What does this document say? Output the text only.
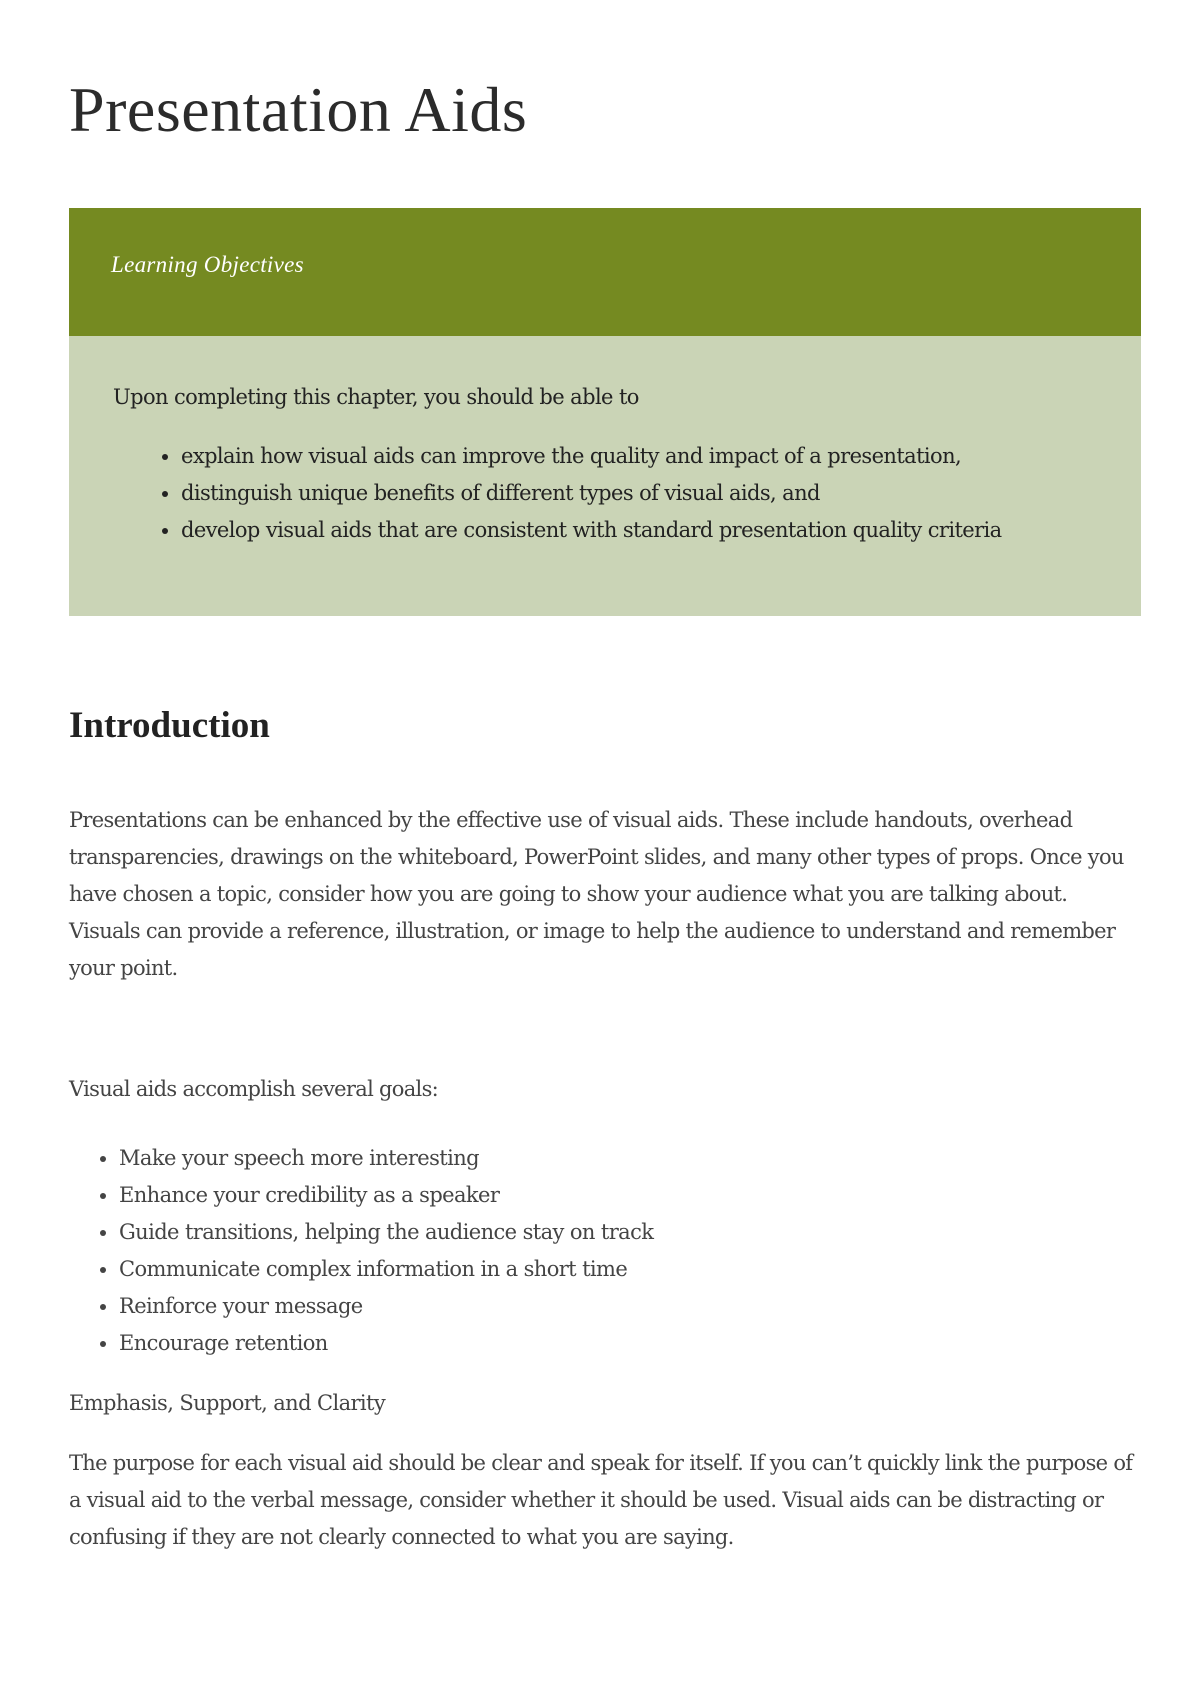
Presentation Aids
Learning Objectives

Upon completing this chapter, you should be able to

• explain how visual aids can improve the quality and impact of a presentation,
• distinguish unique benefits of different types of visual aids, and
• develop visual aids that are consistent with standard presentation quality criteria
Introduction

Presentations can be enhanced by the effective use of visual aids. These include handouts, overhead transparencies, drawings on the whiteboard, PowerPoint slides, and many other types of props. Once you have chosen a topic, consider how you are going to show your audience what you are talking about. Visuals can provide a reference, illustration, or image to help the audience to understand and remember your point.

Visual aids accomplish several goals:

• Make your speech more interesting
• Enhance your credibility as a speaker
• Guide transitions, helping the audience stay on track
• Communicate complex information in a short time
• Reinforce your message
• Encourage retention

Emphasis, Support, and Clarity

The purpose for each visual aid should be clear and speak for itself. If you can’t quickly link the purpose of a visual aid to the verbal message, consider whether it should be used. Visual aids can be distracting or confusing if they are not clearly connected to what you are saying.
